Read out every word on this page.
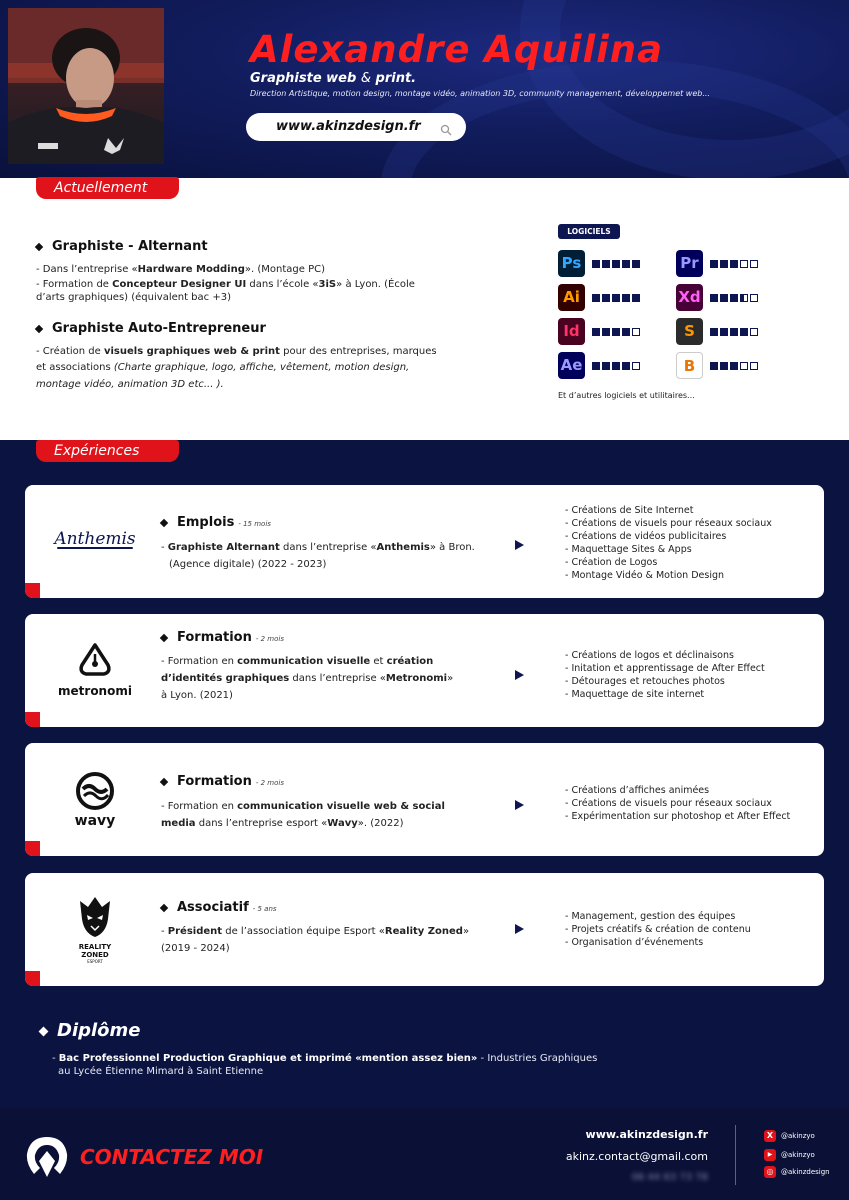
Alexandre Aquilina
Graphiste web & print.
Direction Artistique, motion design, montage vidéo, animation 3D, community management, développemet web...
www.akinzdesign.fr
Actuellement
Graphiste - Alternant
- Dans l’entreprise «Hardware Modding». (Montage PC)
- Formation de Concepteur Designer UI dans l’école «3iS» à Lyon. (École
d’arts graphiques) (équivalent bac +3)
Graphiste Auto-Entrepreneur
- Création de visuels graphiques web & print pour des entreprises, marques
et associations (Charte graphique, logo, affiche, vêtement, motion design,
montage vidéo, animation 3D etc... ).
LOGICIELS
Ps	Pr
Ai	Xd
Id	S
Ae	B
Et d’autres logiciels et utilitaires...
Expériences
Anthemis
Emplois - 15 mois
- Graphiste Alternant dans l’entreprise «Anthemis» à Bron.
(Agence digitale) (2022 - 2023)
- Créations de Site Internet
- Créations de visuels pour réseaux sociaux
- Créations de vidéos publicitaires
- Maquettage Sites & Apps
- Création de Logos
- Montage Vidéo & Motion Design
metronomi
Formation - 2 mois
- Formation en communication visuelle et création
d’identités graphiques dans l’entreprise «Metronomi»
à Lyon. (2021)
- Créations de logos et déclinaisons
- Initation et apprentissage de After Effect
- Détourages et retouches photos
- Maquettage de site internet
wavy
Formation - 2 mois
- Formation en communication visuelle web & social
media dans l’entreprise esport «Wavy». (2022)
- Créations d’affiches animées
- Créations de visuels pour réseaux sociaux
- Expérimentation sur photoshop et After Effect
REALITY ZONED
ESPORT
Associatif - 5 ans
- Président de l’association équipe Esport «Reality Zoned»
(2019 - 2024)
- Management, gestion des équipes
- Projets créatifs & création de contenu
- Organisation d’événements
Diplôme
- Bac Professionnel Production Graphique et imprimé «mention assez bien» - Industries Graphiques
au Lycée Étienne Mimard à Saint Etienne
CONTACTEZ MOI
www.akinzdesign.fr
akinz.contact@gmail.com
06 44 63 73 78
X	@akinzyo
▶	@akinzyo
◎	@akinzdesign
